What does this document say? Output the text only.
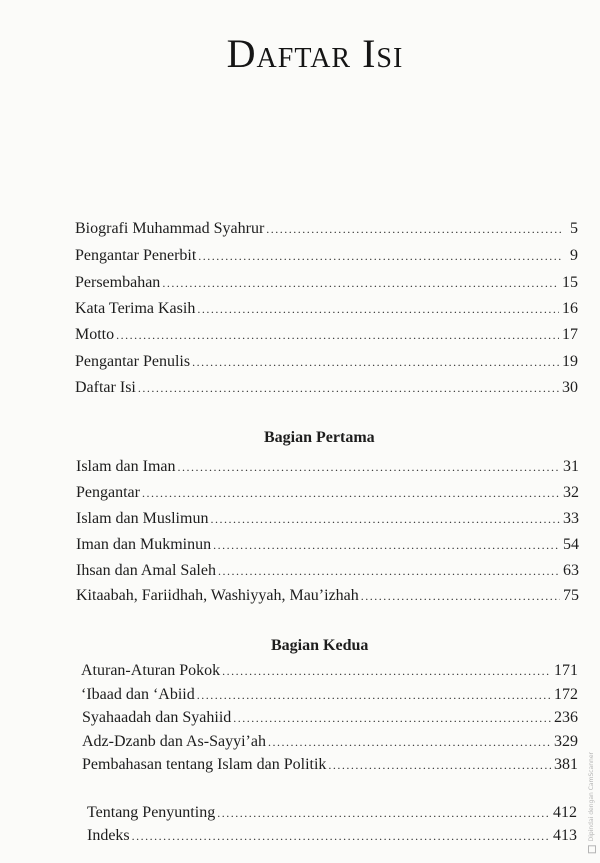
Daftar Isi
Biografi Muhammad Syahrur .....	5
Pengantar Penerbit .....	9
Persembahan .....	15
Kata Terima Kasih .....	16
Motto .....	17
Pengantar Penulis .....	19
Daftar Isi .....	30
Bagian Pertama
Islam dan Iman .....	31
Pengantar .....	32
Islam dan Muslimun .....	33
Iman dan Mukminun .....	54
Ihsan dan Amal Saleh .....	63
Kitaabah, Fariidhah, Washiyyah, Mau’izhah .....	75
Bagian Kedua
Aturan-Aturan Pokok .....	171
‘Ibaad dan ‘Abiid .....	172
Syahaadah dan Syahiid .....	236
Adz-Dzanb dan As-Sayyi’ah .....	329
Pembahasan tentang Islam dan Politik .....	381
Tentang Penyunting .....	412
Indeks .....	413 Dipindai dengan CamScanner
